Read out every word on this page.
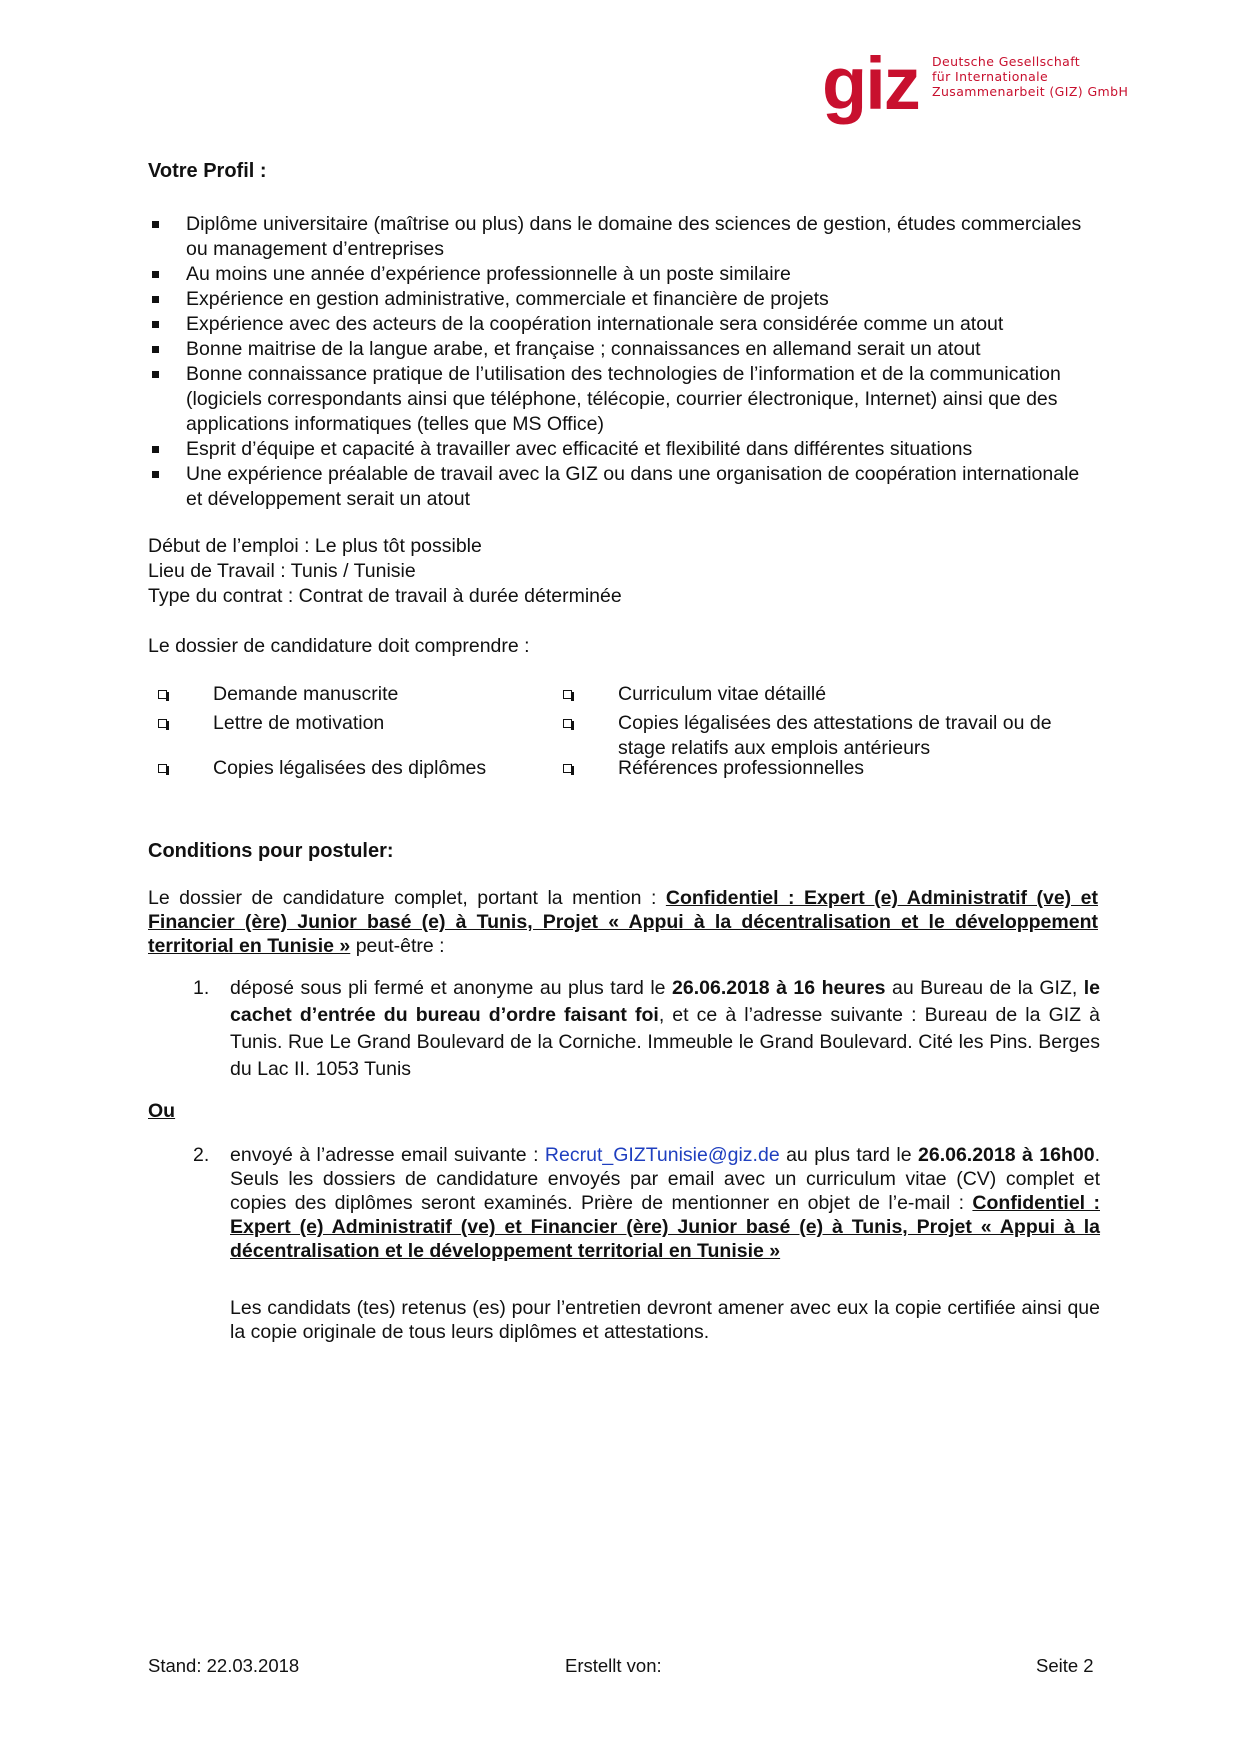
giz Deutsche Gesellschaft
für Internationale
Zusammenarbeit (GIZ) GmbH
Votre Profil :
Diplôme universitaire (maîtrise ou plus) dans le domaine des sciences de gestion, études commerciales ou management d’entreprises
Au moins une année d’expérience professionnelle à un poste similaire
Expérience en gestion administrative, commerciale et financière de projets
Expérience avec des acteurs de la coopération internationale sera considérée comme un atout
Bonne maitrise de la langue arabe, et française ; connaissances en allemand serait un atout
Bonne connaissance pratique de l’utilisation des technologies de l’information et de la communication (logiciels correspondants ainsi que téléphone, télécopie, courrier électronique, Internet) ainsi que des applications informatiques (telles que MS Office)
Esprit d’équipe et capacité à travailler avec efficacité et flexibilité dans différentes situations
Une expérience préalable de travail avec la GIZ ou dans une organisation de coopération internationale et développement serait un atout
Début de l’emploi : Le plus tôt possible
Lieu de Travail : Tunis / Tunisie
Type du contrat : Contrat de travail à durée déterminée
Le dossier de candidature doit comprendre :
Demande manuscrite
Lettre de motivation
Copies légalisées des diplômes
Curriculum vitae détaillé
Copies légalisées des attestations de travail ou de stage relatifs aux emplois antérieurs
Références professionnelles
Conditions pour postuler:
Le dossier de candidature complet, portant la mention : Confidentiel : Expert (e) Administratif (ve) et Financier (ère) Junior basé (e) à Tunis, Projet « Appui à la décentralisation et le développement territorial en Tunisie » peut-être :
1. déposé sous pli fermé et anonyme au plus tard le 26.06.2018 à 16 heures au Bureau de la GIZ, le cachet d’entrée du bureau d’ordre faisant foi, et ce à l’adresse suivante : Bureau de la GIZ à Tunis. Rue Le Grand Boulevard de la Corniche. Immeuble le Grand Boulevard. Cité les Pins. Berges du Lac II. 1053 Tunis
Ou
2. envoyé à l’adresse email suivante : Recrut_GIZTunisie@giz.de au plus tard le 26.06.2018 à 16h00. Seuls les dossiers de candidature envoyés par email avec un curriculum vitae (CV) complet et copies des diplômes seront examinés. Prière de mentionner en objet de l’e-mail : Confidentiel : Expert (e) Administratif (ve) et Financier (ère) Junior basé (e) à Tunis, Projet « Appui à la décentralisation et le développement territorial en Tunisie »
Les candidats (tes) retenus (es) pour l’entretien devront amener avec eux la copie certifiée ainsi que la copie originale de tous leurs diplômes et attestations.
Stand: 22.03.2018	Erstellt von:	Seite 2
